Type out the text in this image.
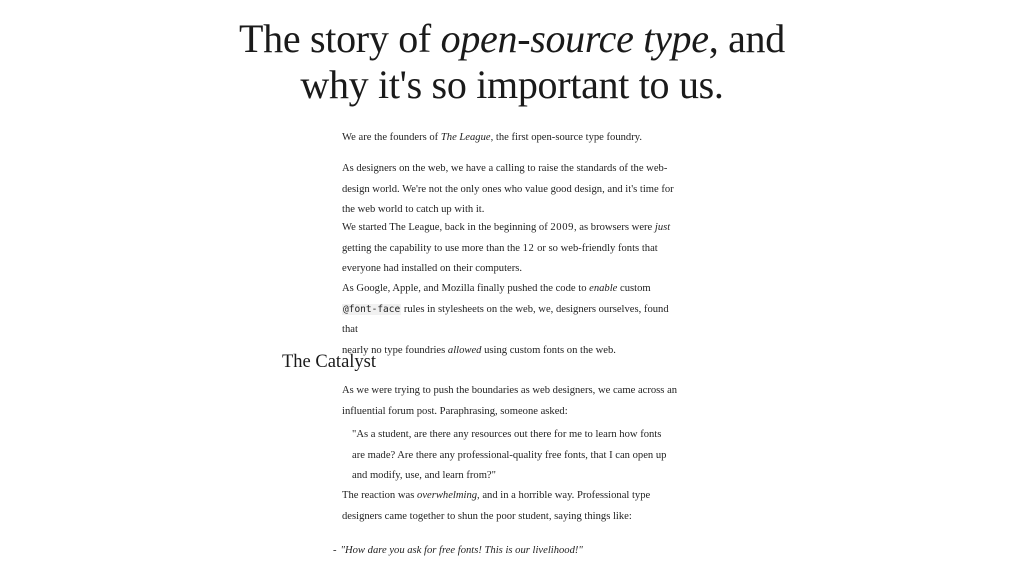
The story of open-source type, and
why it's so important to us.

We are the founders of The League, the first open-source type foundry.

As designers on the web, we have a calling to raise the standards of the web-
design world. We're not the only ones who value good design, and it's time for
the web world to catch up with it.

We started The League, back in the beginning of 2009, as browsers were just
getting the capability to use more than the 12 or so web-friendly fonts that
everyone had installed on their computers.

As Google, Apple, and Mozilla finally pushed the code to enable custom
@font-face rules in stylesheets on the web, we, designers ourselves, found that
nearly no type foundries allowed using custom fonts on the web.

The Catalyst

As we were trying to push the boundaries as web designers, we came across an
influential forum post. Paraphrasing, someone asked:

"As a student, are there any resources out there for me to learn how fonts
are made? Are there any professional-quality free fonts, that I can open up
and modify, use, and learn from?"

The reaction was overwhelming, and in a horrible way. Professional type
designers came together to shun the poor student, saying things like:

- "How dare you ask for free fonts! This is our livelihood!"
